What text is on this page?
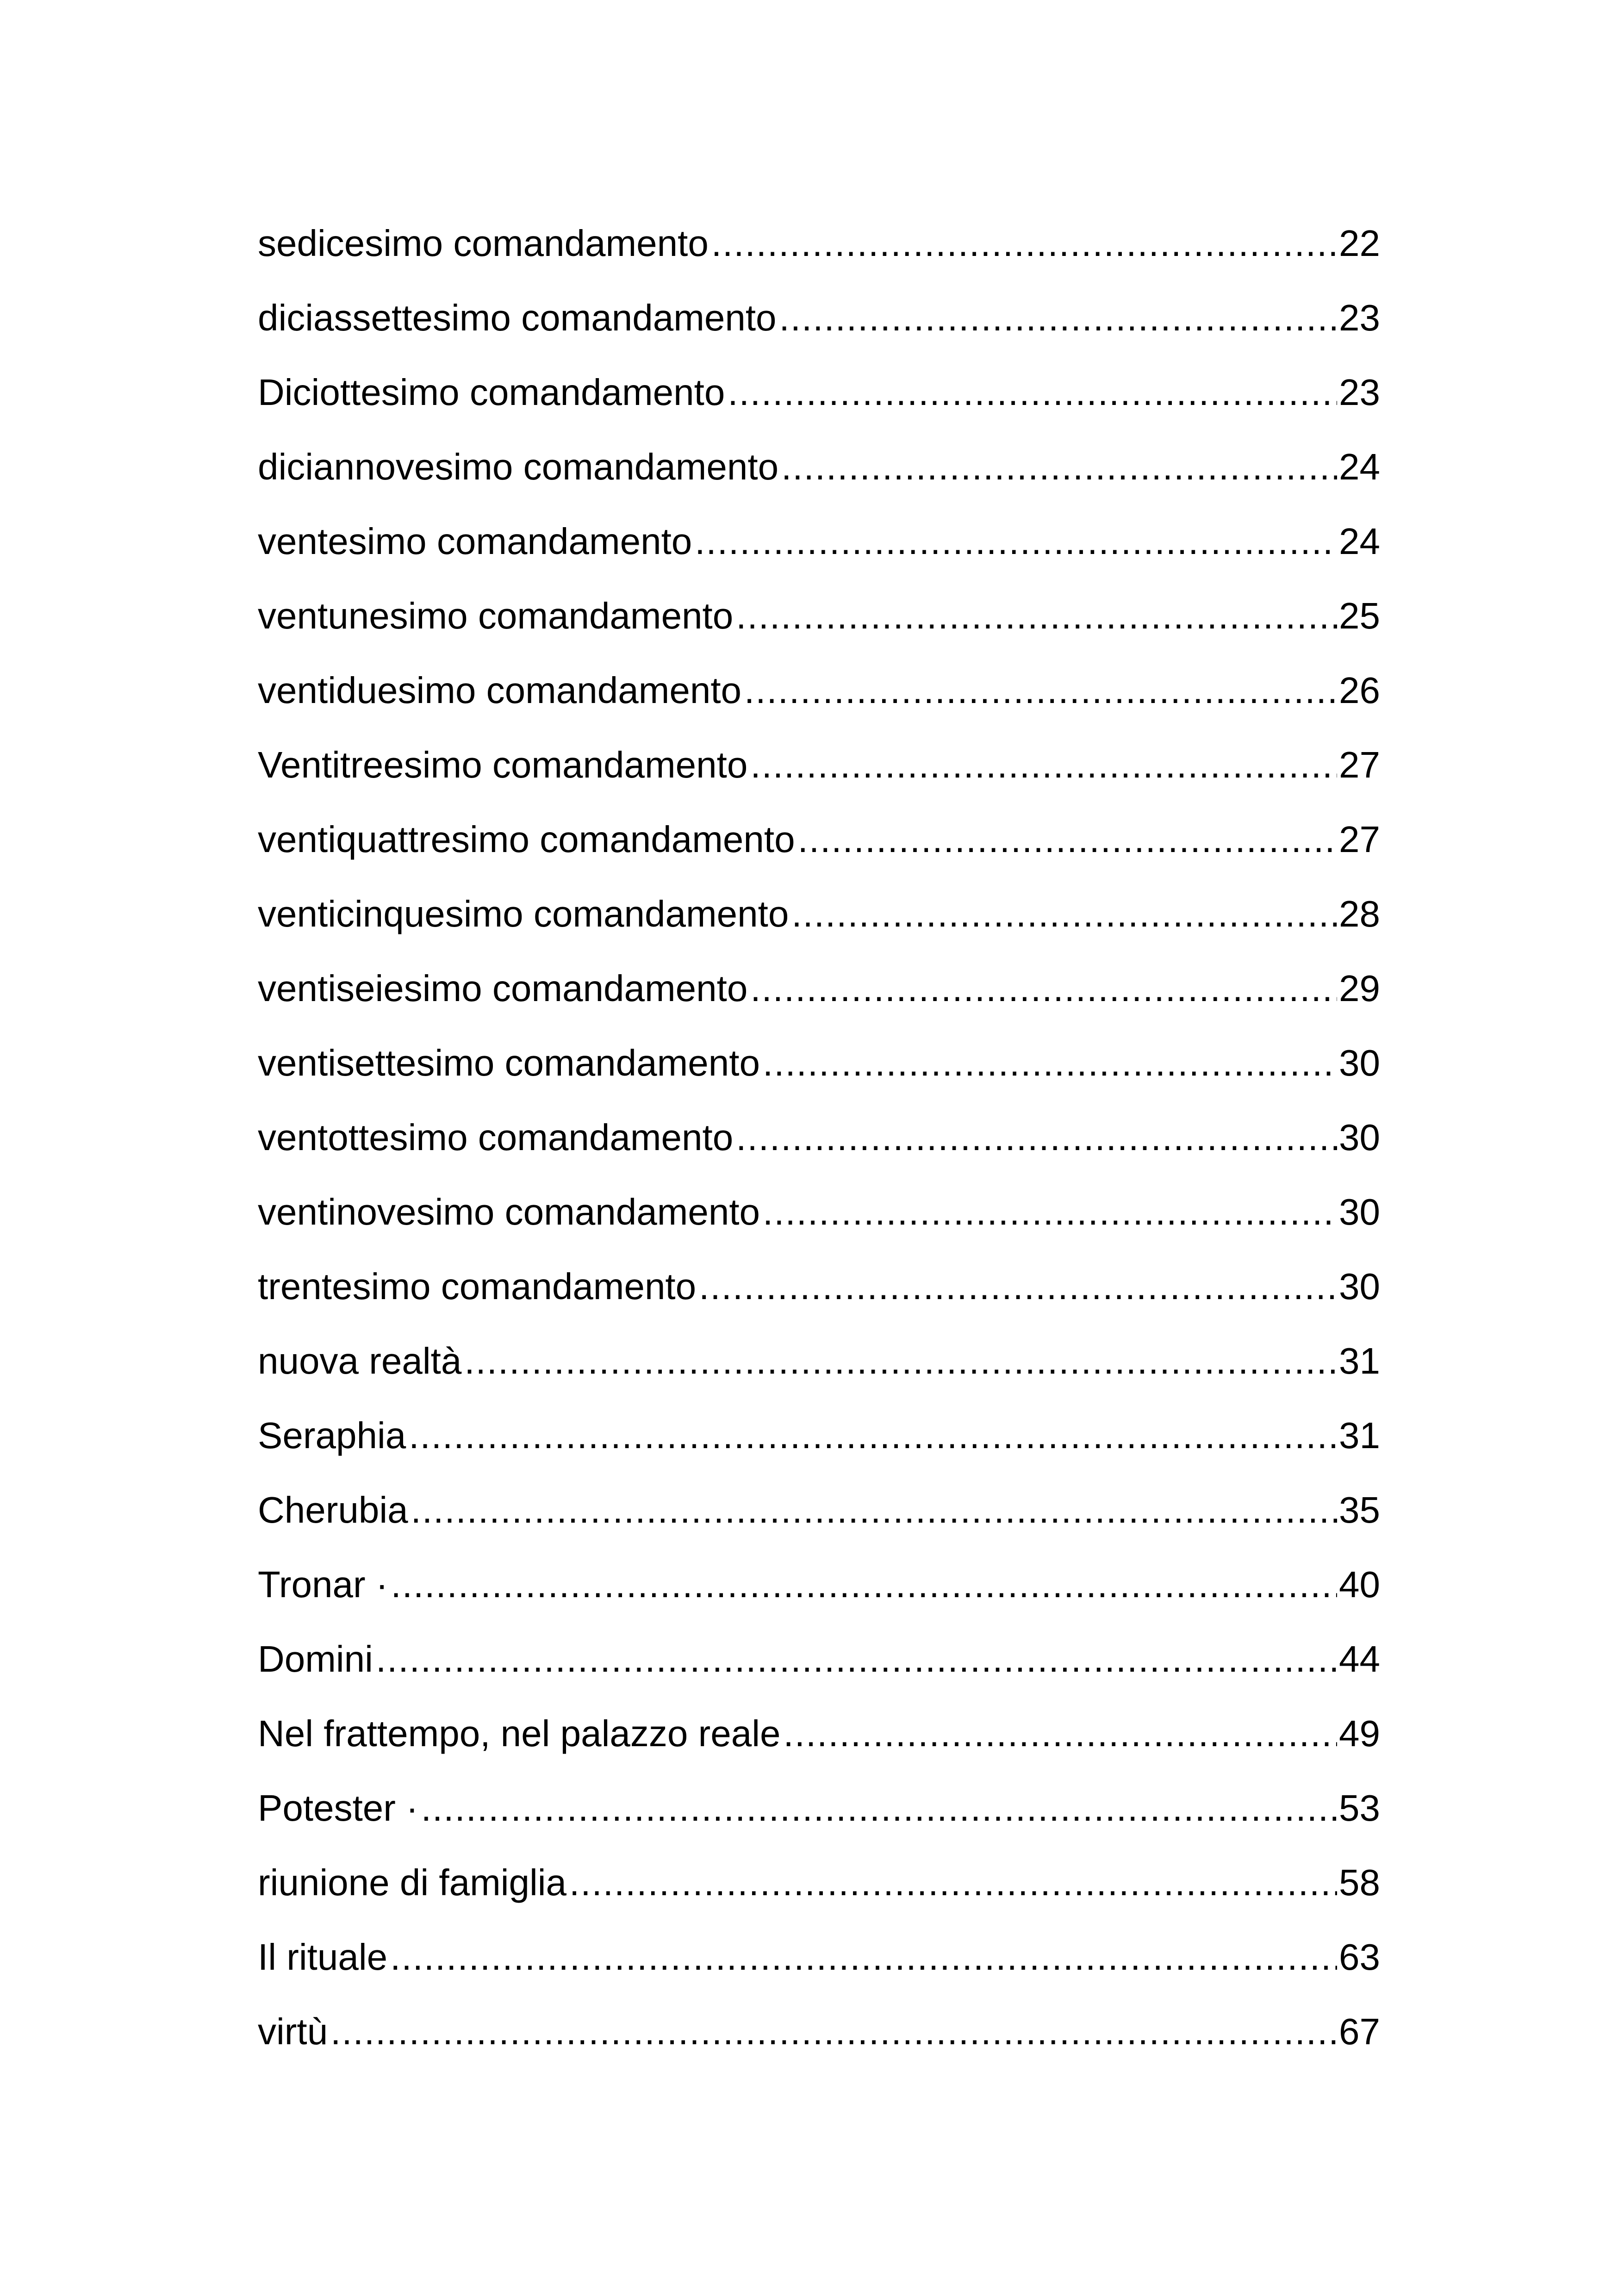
sedicesimo comandamento .....	22
diciassettesimo comandamento .....	23
Diciottesimo comandamento .....	23
diciannovesimo comandamento .....	24
ventesimo comandamento .....	24
ventunesimo comandamento .....	25
ventiduesimo comandamento .....	26
Ventitreesimo comandamento .....	27
ventiquattresimo comandamento .....	27
venticinquesimo comandamento .....	28
ventiseiesimo comandamento .....	29
ventisettesimo comandamento .....	30
ventottesimo comandamento .....	30
ventinovesimo comandamento .....	30
trentesimo comandamento .....	30
nuova realtà .....	31
Seraphia .....	31
Cherubia .....	35
Tronar · .....	40
Domini .....	44
Nel frattempo, nel palazzo reale .....	49
Potester · .....	53
riunione di famiglia .....	58
Il rituale .....	63
virtù .....	67
